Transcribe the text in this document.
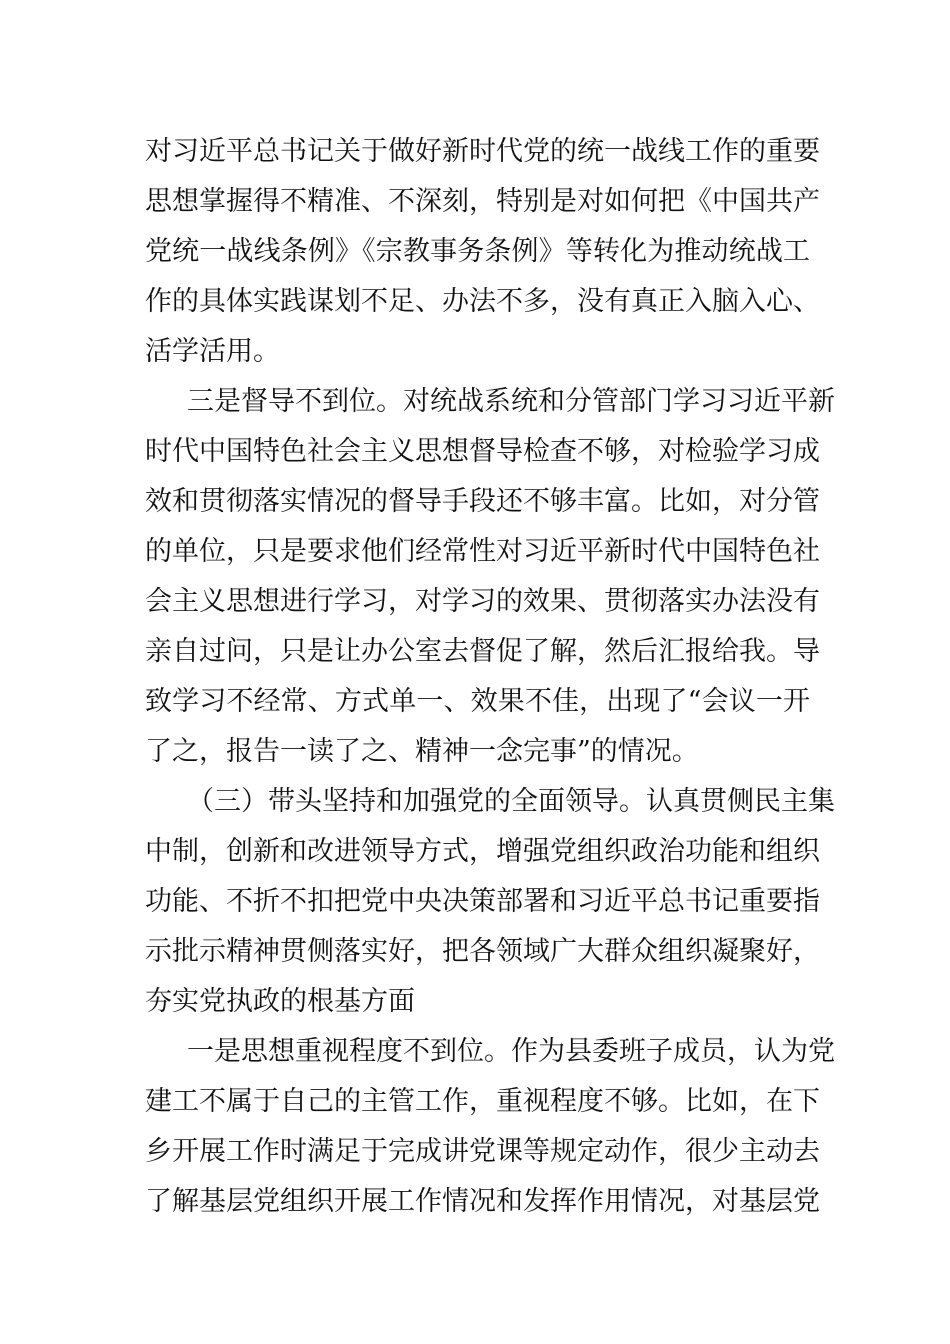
对习近平总书记关于做好新时代党的统一战线工作的重要
思想掌握得不精准、不深刻，特别是对如何把《中国共产
党统一战线条例》《宗教事务条例》等转化为推动统战工
作的具体实践谋划不足、办法不多，没有真正入脑入心、
活学活用。
三是督导不到位。对统战系统和分管部门学习习近平新
时代中国特色社会主义思想督导检查不够，对检验学习成
效和贯彻落实情况的督导手段还不够丰富。比如，对分管
的单位，只是要求他们经常性对习近平新时代中国特色社
会主义思想进行学习，对学习的效果、贯彻落实办法没有
亲自过问，只是让办公室去督促了解，然后汇报给我。导
致学习不经常、方式单一、效果不佳，出现了“会议一开
了之，报告一读了之、精神一念完事”的情况。
（三）带头坚持和加强党的全面领导。认真贯侧民主集
中制，创新和改进领导方式，增强党组织政治功能和组织
功能、不折不扣把党中央决策部署和习近平总书记重要指
示批示精神贯侧落实好，把各领域广大群众组织凝聚好，
夯实党执政的根基方面
一是思想重视程度不到位。作为县委班子成员，认为党
建工不属于自己的主管工作，重视程度不够。比如，在下
乡开展工作时满足于完成讲党课等规定动作，很少主动去
了解基层党组织开展工作情况和发挥作用情况，对基层党
